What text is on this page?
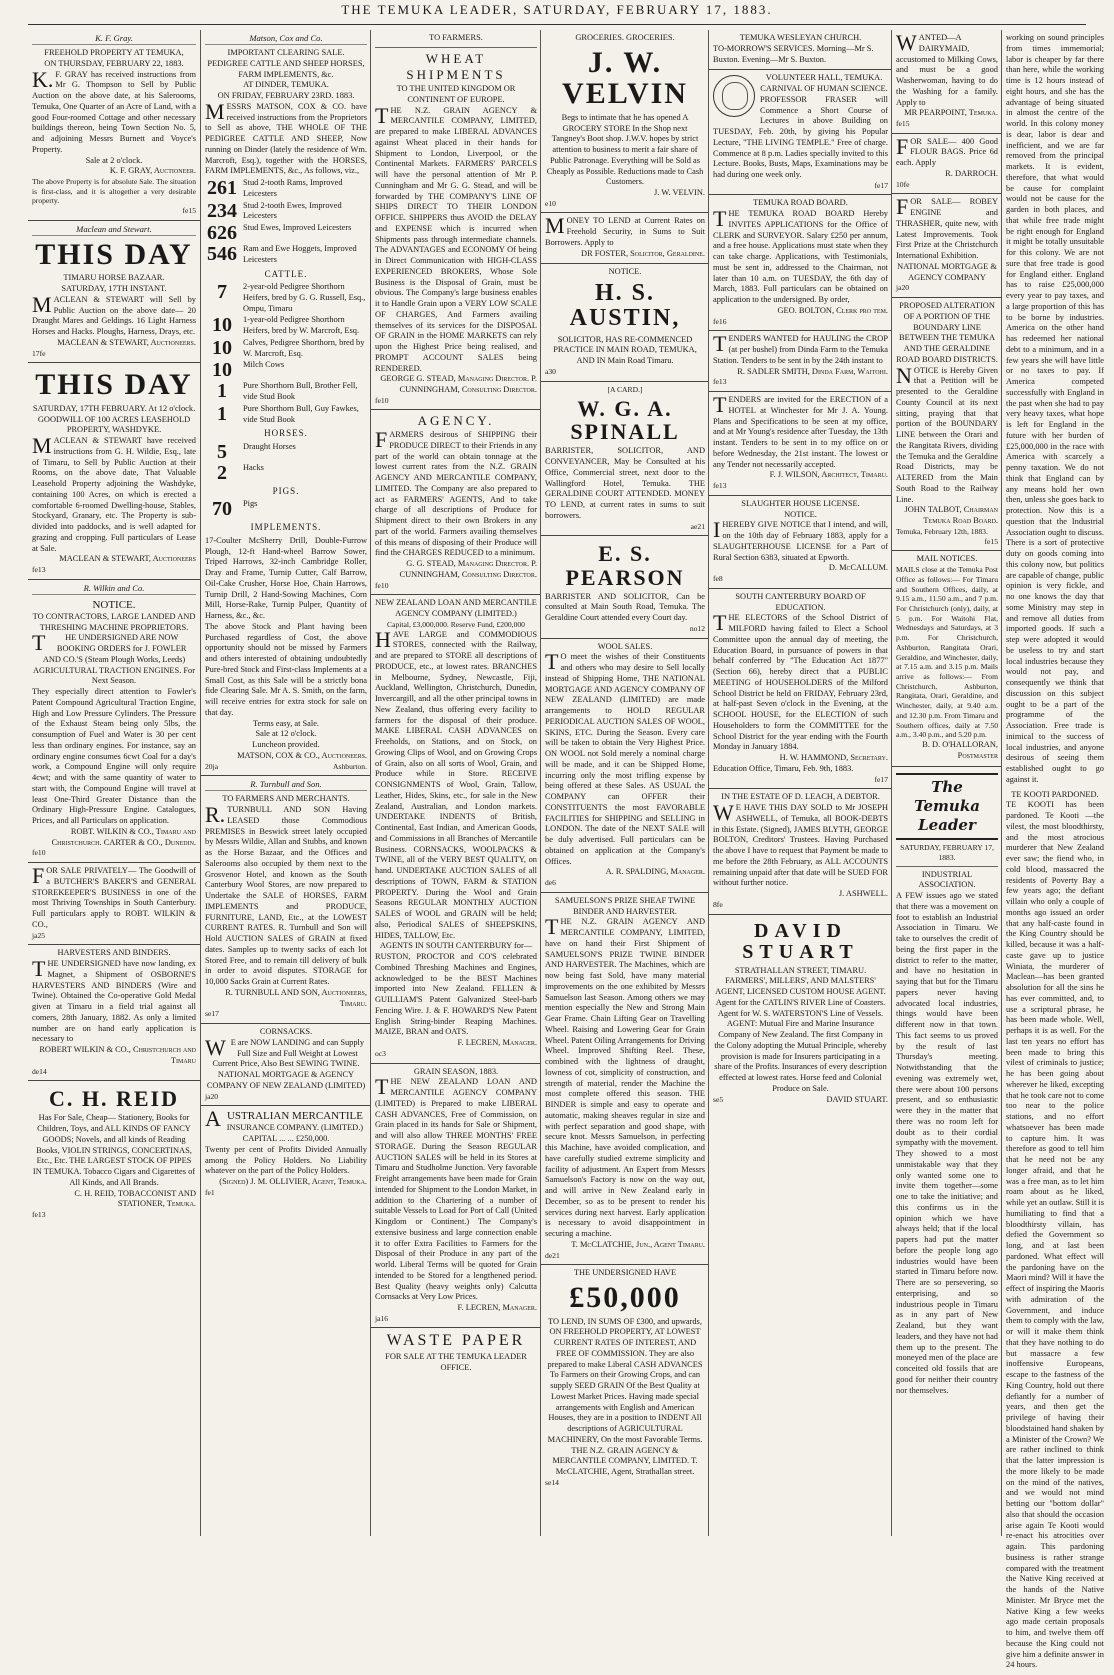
THE TEMUKA LEADER, SATURDAY, FEBRUARY 17, 1883.
K. F. Gray.
FREEHOLD PROPERTY AT TEMUKA,
ON THURSDAY, FEBRUARY 22, 1883.
K.F. GRAY has received instructions from Mr G. Thompson to Sell by Public Auction on the above date, at his Salerooms, Temuka, One Quarter of an Acre of Land, with a good Four-roomed Cottage and other necessary buildings thereon, being Town Section No. 5, and adjoining Messrs Burnett and Voyce's Property.
Sale at 2 o'clock.
K. F. GRAY, Auctioneer.
The above Property is for absolute Sale. The situation is first-class, and it is altogether a very desirable property.
fe15
Maclean and Stewart.
THIS DAY
TIMARU HORSE BAZAAR.
SATURDAY, 17TH INSTANT.
MACLEAN & STEWART will Sell by Public Auction on the above date— 20 Draught Mares and Geldings. 16 Light Harness Horses and Hacks. Ploughs, Harness, Drays, etc.
MACLEAN & STEWART, Auctioneers.
17fe
THIS DAY
SATURDAY, 17TH FEBRUARY. At 12 o'clock.
GOODWILL OF 100 ACRES LEASEHOLD PROPERTY, WASHDYKE.
MACLEAN & STEWART have received instructions from G. H. Wildie, Esq., late of Timaru, to Sell by Public Auction at their Rooms, on the above date, That Valuable Leasehold Property adjoining the Washdyke, containing 100 Acres, on which is erected a comfortable 6-roomed Dwelling-house, Stables, Stockyard, Granary, etc. The Property is sub-divided into paddocks, and is well adapted for grazing and cropping. Full particulars of Lease at Sale.
MACLEAN & STEWART, Auctioneers
fe13
R. Wilkin and Co.
NOTICE.
TO CONTRACTORS, LARGE LANDED AND THRESHING MACHINE PROPRIETORS.
THE UNDERSIGNED ARE NOW BOOKING ORDERS for J. FOWLER AND CO.'S (Steam Plough Works, Leeds) AGRICULTURAL TRACTION ENGINES. For Next Season.
They especially direct attention to Fowler's Patent Compound Agricultural Traction Engine, High and Low Pressure Cylinders. The Pressure of the Exhaust Steam being only 5lbs, the consumption of Fuel and Water is 30 per cent less than ordinary engines. For instance, say an ordinary engine consumes 6cwt Coal for a day's work, a Compound Engine will only require 4cwt; and with the same quantity of water to start with, the Compound Engine will travel at least One-Third Greater Distance than the Ordinary High-Pressure Engine. Catalogues, Prices, and all Particulars on application.
ROBT. WILKIN & CO., Timaru and Christchurch. CARTER & CO., Dunedin.
fe10
FOR SALE PRIVATELY— The Goodwill of a BUTCHER'S BAKER'S and GENERAL STOREKEEPER'S BUSINESS in one of the most Thriving Townships in South Canterbury. Full particulars apply to ROBT. WILKIN & CO.,
ja25
HARVESTERS AND BINDERS.
THE UNDERSIGNED have now landing, ex Magnet, a Shipment of OSBORNE'S HARVESTERS AND BINDERS (Wire and Twine). Obtained the Co-operative Gold Medal given at Timaru in a field trial against all comers, 28th January, 1882. As only a limited number are on hand early application is necessary to
ROBERT WILKIN & CO., Christchurch and Timaru
de14
C. H. REID
Has For Sale, Cheap— Stationery, Books for Children, Toys, and ALL KINDS OF FANCY GOODS; Novels, and all kinds of Reading Books, VIOLIN STRINGS, CONCERTINAS, Etc., Etc. THE LARGEST STOCK OF PIPES IN TEMUKA. Tobacco Cigars and Cigarettes of All Kinds, and All Brands.
C. H. REID, TOBACCONIST AND STATIONER, Temuka.
fe13
Matson, Cox and Co.
IMPORTANT CLEARING SALE.
PEDIGREE CATTLE AND SHEEP HORSES, FARM IMPLEMENTS, &c.
AT DINDER, TEMUKA.
ON FRIDAY, FEBRUARY 23RD. 1883.
MESSRS MATSON, COX & CO. have received instructions from the Proprietors to Sell as above, THE WHOLE OF THE PEDIGREE CATTLE AND SHEEP, Now running on Dinder (lately the residence of Wm. Marcroft, Esq.), together with the HORSES, FARM IMPLEMENTS, &c., As follows, viz.,
261 Stud 2-tooth Rams, Improved Leicesters
234 Stud 2-tooth Ewes, Improved Leicesters
626 Stud Ewes, Improved Leicesters
546 Ram and Ewe Hoggets, Improved Leicesters
CATTLE.
7	2-year-old Pedigree Shorthorn Heifers, bred by G. G. Russell, Esq., Ompu, Timaru
10	1-year-old Pedigree Shorthorn Heifers, bred by W. Marcroft, Esq.
10	Calves, Pedigree Shorthorn, bred by W. Marcroft, Esq.
10	Milch Cows
1	Pure Shorthorn Bull, Brother Fell, vide Stud Book
1	Pure Shorthorn Bull, Guy Fawkes, vide Stud Book
HORSES.
5	Draught Horses
2	Hacks
PIGS.
70	Pigs
IMPLEMENTS.
17-Coulter McSherry Drill, Double-Furrow Plough, 12-ft Hand-wheel Barrow Sower, Triped Harrows, 32-inch Cambridge Roller, Dray and Frame, Turnip Cutter, Calf Barrow, Oil-Cake Crusher, Horse Hoe, Chain Harrows, Turnip Drill, 2 Hand-Sowing Machines, Corn Mill, Horse-Rake, Turnip Pulper, Quantity of Harness, &c., &c.
The above Stock and Plant having been Purchased regardless of Cost, the above opportunity should not be missed by Farmers and others interested of obtaining undoubtedly Pure-bred Stock and First-class Implements at a Small Cost, as this Sale will be a strictly bona fide Clearing Sale. Mr A. S. Smith, on the farm, will receive entries for extra stock for sale on that day.
Terms easy, at Sale.
Sale at 12 o'clock.
Luncheon provided.
MATSON, COX & CO., Auctioneers.
20ja	Ashburton.
R. Turnbull and Son.
TO FARMERS AND MERCHANTS.
R.TURNBULL AND SON Having LEASED those Commodious PREMISES in Beswick street lately occupied by Messrs Wildie, Allan and Stubbs, and known as the Horse Bazaar, and the Offices and Salerooms also occupied by them next to the Grosvenor Hotel, and known as the South Canterbury Wool Stores, are now prepared to Undertake the SALE of HORSES, FARM IMPLEMENTS and PRODUCE, FURNITURE, LAND, Etc., at the LOWEST CURRENT RATES. R. Turnbull and Son will Hold AUCTION SALES of GRAIN at fixed dates. Samples up to twenty sacks of each lot Stored Free, and to remain till delivery of bulk in order to avoid disputes. STORAGE for 10,000 Sacks Grain at Current Rates.
R. TURNBULL AND SON, Auctioneers, Timaru.
se17
CORNSACKS.
WE are NOW LANDING and can Supply Full Size and Full Weight at Lowest Current Price, Also Best SEWING TWINE.
NATIONAL MORTGAGE & AGENCY COMPANY OF NEW ZEALAND (LIMITED)
ja20
AUSTRALIAN MERCANTILE
INSURANCE COMPANY. (LIMITED.)
CAPITAL ... ... £250,000.
Twenty per cent of Profits Divided Annually among the Policy Holders. No Liability whatever on the part of the Policy Holders.
(Signed) J. M. OLLIVIER, Agent, Temuka.
fe1
TO FARMERS.
WHEAT SHIPMENTS
TO THE UNITED KINGDOM OR CONTINENT OF EUROPE.
THE N.Z. GRAIN AGENCY & MERCANTILE COMPANY, LIMITED, are prepared to make LIBERAL ADVANCES against Wheat placed in their hands for Shipment to London, Liverpool, or the Continental Markets. FARMERS' PARCELS will have the personal attention of Mr P. Cunningham and Mr G. G. Stead, and will be forwarded by THE COMPANY'S LINE OF SHIPS DIRECT TO THEIR LONDON OFFICE. SHIPPERS thus AVOID the DELAY and EXPENSE which is incurred when Shipments pass through intermediate channels. The ADVANTAGES and ECONOMY Of being in Direct Communication with HIGH-CLASS EXPERIENCED BROKERS, Whose Sole Business is the Disposal of Grain, must be obvious. The Company's large business enables it to Handle Grain upon a VERY LOW SCALE OF CHARGES, And Farmers availing themselves of its services for the DISPOSAL OF GRAIN in the HOME MARKETS can rely upon the Highest Price being realised, and PROMPT ACCOUNT SALES being RENDERED.
GEORGE G. STEAD, Managing Director. P. CUNNINGHAM, Consulting Director.
fe10
AGENCY.
FARMERS desirous of SHIPPING their PRODUCE DIRECT to their Friends in any part of the world can obtain tonnage at the lowest current rates from the N.Z. GRAIN AGENCY AND MERCANTILE COMPANY, LIMITED. The Company are also prepared to act as FARMERS' AGENTS, And to take charge of all descriptions of Produce for Shipment direct to their own Brokers in any part of the world. Farmers availing themselves of this means of disposing of their Produce will find the CHARGES REDUCED to a minimum.
G. G. STEAD, Managing Director. P. CUNNINGHAM, Consulting Director.
fe10
NEW ZEALAND LOAN AND MERCANTILE AGENCY COMPANY (LIMITED.)
Capital, £3,000,000. Reserve Fund, £200,000
HAVE LARGE and COMMODIOUS STORES, connected with the Railway, and are prepared to STORE all descriptions of PRODUCE, etc., at lowest rates. BRANCHES in Melbourne, Sydney, Newcastle, Fiji, Auckland, Wellington, Christchurch, Dunedin, Invercargill, and all the other principal towns in New Zealand, thus offering every facility to farmers for the disposal of their produce. MAKE LIBERAL CASH ADVANCES on Freeholds, on Stations, and on Stock, on Growing Clips of Wool, and on Growing Crops of Grain, also on all sorts of Wool, Grain, and Produce while in Store. RECEIVE CONSIGNMENTS of Wool, Grain, Tallow, Leather, Hides, Skins, etc., for sale in the New Zealand, Australian, and London markets. UNDERTAKE INDENTS of British, Continental, East Indian, and American Goods, and Commissions in all Branches of Mercantile Business. CORNSACKS, WOOLPACKS & TWINE, all of the VERY BEST QUALITY, on hand. UNDERTAKE AUCTION SALES of all descriptions of TOWN, FARM & STATION PROPERTY. During the Wool and Grain Seasons REGULAR MONTHLY AUCTION SALES of WOOL and GRAIN will be held; also, Periodical SALES of SHEEPSKINS, HIDES, TALLOW, Etc.
AGENTS IN SOUTH CANTERBURY for—
RUSTON, PROCTOR and CO'S celebrated Combined Threshing Machines and Engines, acknowledged to be the BEST Machines imported into New Zealand. FELLEN & GUILLIAM'S Patent Galvanized Steel-barb Fencing Wire. J. & F. HOWARD'S New Patent English String-binder Reaping Machines. MAIZE, BRAN and OATS.
F. LECREN, Manager.
oc3
GRAIN SEASON, 1883.
THE NEW ZEALAND LOAN AND MERCANTILE AGENCY COMPANY (LIMITED) is Prepared to make LIBERAL CASH ADVANCES, Free of Commission, on Grain placed in its hands for Sale or Shipment, and will also allow THREE MONTHS' FREE STORAGE. During the Season REGULAR AUCTION SALES will be held in its Stores at Timaru and Studholme Junction. Very favorable Freight arrangements have been made for Grain intended for Shipment to the London Market, in addition to the Chartering of a number of suitable Vessels to Load for Port of Call (United Kingdom or Continent.) The Company's extensive business and large connection enable it to offer Extra Facilities to Farmers for the Disposal of their Produce in any part of the world. Liberal Terms will be quoted for Grain intended to be Stored for a lengthened period. Best Quality (heavy weights only) Calcutta Cornsacks at Very Low Prices.
F. LECREN, Manager.
ja16
WASTE PAPER
FOR SALE AT THE TEMUKA LEADER OFFICE.
GROCERIES. GROCERIES.
J. W. VELVIN
Begs to intimate that he has opened A GROCERY STORE In the Shop next Tangney's Boot shop. J.W.V. hopes by strict attention to business to merit a fair share of Public Patronage. Everything will be Sold as Cheaply as Possible. Reductions made to Cash Customers.
J. W. VELVIN.
e10
MONEY TO LEND at Current Rates on Freehold Security, in Sums to Suit Borrowers. Apply to
DR FOSTER, Solicitor, Geraldine.
NOTICE.
H. S. AUSTIN,
SOLICITOR, HAS RE-COMMENCED PRACTICE IN MAIN ROAD, TEMUKA, AND IN Main Road Timaru.
a30
[A CARD.]
W. G. A. SPINALL
BARRISTER, SOLICITOR, AND CONVEYANCER, May be Consulted at his Office, Commercial street, next door to the Wallingford Hotel, Temuka. THE GERALDINE COURT ATTENDED. MONEY TO LEND, at current rates in sums to suit borrowers.
ae21
E. S. PEARSON
BARRISTER AND SOLICITOR, Can be consulted at Main South Road, Temuka. The Geraldine Court attended every Court day.
no12
WOOL SALES.
TO meet the wishes of their Constituents and others who may desire to Sell locally instead of Shipping Home, THE NATIONAL MORTGAGE AND AGENCY COMPANY OF NEW ZEALAND (LIMITED) are made arrangements to HOLD REGULAR PERIODICAL AUCTION SALES OF WOOL, SKINS, ETC. During the Season. Every care will be taken to obtain the Very Highest Price. ON WOOL not Sold merely a nominal charge will be made, and it can be Shipped Home, incurring only the most trifling expense by being offered at these Sales. AS USUAL the COMPANY can OFFER their CONSTITUENTS the most FAVORABLE FACILITIES for SHIPPING and SELLING in LONDON. The date of the NEXT SALE will be duly advertised. Full particulars can be obtained on application at the Company's Offices.
A. R. SPALDING, Manager.
de6
SAMUELSON'S PRIZE SHEAF TWINE BINDER AND HARVESTER.
THE N.Z. GRAIN AGENCY AND MERCANTILE COMPANY, LIMITED, have on hand their First Shipment of SAMUELSON'S PRIZE TWINE BINDER AND HARVESTER. The Machines, which are now being fast Sold, have many material improvements on the one exhibited by Messrs Samuelson last Season. Among others we may mention especially the New and Strong Main Gear Frame. Chain Lifting Gear on Travelling Wheel. Raising and Lowering Gear for Grain Wheel. Patent Oiling Arrangements for Driving Wheel. Improved Shifting Reel. These, combined with the lightness of draught, lowness of cot, simplicity of construction, and strength of material, render the Machine the most complete offered this season. THE BINDER is simple and easy to operate and automatic, making sheaves regular in size and with perfect separation and good shape, with secure knot. Messrs Samuelson, in perfecting this Machine, have avoided complication, and have carefully studied extreme simplicity and facility of adjustment. An Expert from Messrs Samuelson's Factory is now on the way out, and will arrive in New Zealand early in December, so as to be present to render his services during next harvest. Early application is necessary to avoid disappointment in securing a machine.
T. McCLATCHIE, Jun., Agent Timaru.
de21
THE UNDERSIGNED HAVE
£50,000
TO LEND, IN SUMS OF £300, and upwards, ON FREEHOLD PROPERTY, AT LOWEST CURRENT RATES OF INTEREST, AND FREE OF COMMISSION. They are also prepared to make Liberal CASH ADVANCES To Farmers on their Growing Crops, and can supply SEED GRAIN Of the Best Quality at Lowest Market Prices. Having made special arrangements with English and American Houses, they are in a position to INDENT All descriptions of AGRICULTURAL MACHINERY, On the most Favorable Terms.
THE N.Z. GRAIN AGENCY & MERCANTILE COMPANY, LIMITED. T. McCLATCHIE, Agent, Strathallan street.
se14
TEMUKA WESLEYAN CHURCH.
TO-MORROW'S SERVICES. Morning—Mr S. Buxton. Evening—Mr S. Buxton.
VOLUNTEER HALL, TEMUKA.
CARNIVAL OF HUMAN SCIENCE.
PROFESSOR FRASER will Commence a Short Course of Lectures in above Building on TUESDAY, Feb. 20th, by giving his Popular Lecture, "THE LIVING TEMPLE." Free of charge. Commence at 8 p.m. Ladies specially invited to this Lecture. Books, Busts, Maps, Examinations may be had during one week only.
fe17
TEMUKA ROAD BOARD.
THE TEMUKA ROAD BOARD Hereby INVITES APPLICATIONS for the Office of CLERK and SURVEYOR. Salary £250 per annum, and a free house. Applications must state when they can take charge. Applications, with Testimonials, must be sent in, addressed to the Chairman, not later than 10 a.m. on TUESDAY, the 6th day of March, 1883. Full particulars can be obtained on application to the undersigned. By order,
GEO. BOLTON, Clerk pro tem.
fe16
TENDERS WANTED for HAULING the CROP (at per bushel) from Dinda Farm to the Temuka Station. Tenders to be sent in by the 24th instant to
R. SADLER SMITH, Dinda Farm, Waitohi.
fe13
TENDERS are invited for the ERECTION of a HOTEL at Winchester for Mr J. A. Young. Plans and Specifications to be seen at my office, and at Mr Young's residence after Tuesday, the 13th instant. Tenders to be sent in to my office on or before Wednesday, the 21st instant. The lowest or any Tender not necessarily accepted.
F. J. WILSON, Architect, Timaru.
fe13
SLAUGHTER HOUSE LICENSE.
NOTICE.
IHEREBY GIVE NOTICE that I intend, and will, on the 10th day of February 1883, apply for a SLAUGHTERHOUSE LICENSE for a Part of Rural Section 6383, situated at Epworth.
D. McCALLUM.
fe8
SOUTH CANTERBURY BOARD OF EDUCATION.
THE ELECTORS of the School District of MILFORD having failed to Elect a School Committee upon the annual day of meeting, the Education Board, in pursuance of powers in that behalf conferred by "The Education Act 1877" (Section 66), hereby direct that a PUBLIC MEETING of HOUSEHOLDERS of the Milford School District be held on FRIDAY, February 23rd, at half-past Seven o'clock in the Evening, at the SCHOOL HOUSE, for the ELECTION of such Householders to form the COMMITTEE for the School District for the year ending with the Fourth Monday in January 1884.
H. W. HAMMOND, Secretary.
Education Office, Timaru, Feb. 9th, 1883.
fe17
IN THE ESTATE OF D. LEACH, A DEBTOR.
WE HAVE THIS DAY SOLD to Mr JOSEPH ASHWELL, of Temuka, all BOOK-DEBTS in this Estate. (Signed), JAMES BLYTH, GEORGE BOLTON, Creditors' Trustees. Having Purchased the above I have to request that Payment be made to me before the 28th February, as ALL ACCOUNTS remaining unpaid after that date will be SUED FOR without further notice.
J. ASHWELL.
8fe
DAVID STUART
STRATHALLAN STREET, TIMARU.
FARMERS', MILLERS', AND MALSTERS' AGENT, LICENSED CUSTOM HOUSE AGENT. Agent for the CATLIN'S RIVER Line of Coasters. Agent for W. S. WATERSTON'S Line of Vessels. AGENT: Mutual Fire and Marine Insurance Company of New Zealand. The first Company in the Colony adopting the Mutual Principle, whereby provision is made for Insurers participating in a share of the Profits. Insurances of every description effected at lowest rates. Horse feed and Colonial Produce on Sale.
se5	DAVID STUART.
WANTED—A DAIRYMAID, accustomed to Milking Cows, and must be a good Washerwoman, having to do the Washing for a family. Apply to
MR PEARPOINT, Temuka.
fe15
FOR SALE— 400 Good FLOUR BAGS. Price 6d each. Apply
R. DARROCH.
10fe
FOR SALE— ROBEY ENGINE and THRASHER, quite new, with Latest Improvements. Took First Prize at the Christchurch International Exhibition.
NATIONAL MORTGAGE & AGENCY COMPANY
ja20
PROPOSED ALTERATION OF A PORTION OF THE BOUNDARY LINE BETWEEN THE TEMUKA AND THE GERALDINE ROAD BOARD DISTRICTS.
NOTICE is Hereby Given that a Petition will be presented to the Geraldine County Council at its next sitting, praying that that portion of the BOUNDARY LINE between the Orari and the Rangitata Rivers, dividing the Temuka and the Geraldine Road Districts, may be ALTERED from the Main South Road to the Railway Line.
JOHN TALBOT, Chairman Temuka Road Board.
Temuka, February 12th, 1883.
fe15
MAIL NOTICES.
MAILS close at the Temuka Post Office as follows:— For Timaru and Southern Offices, daily, at 9.15 a.m., 11.50 a.m., and 7 p.m. For Christchurch (only), daily, at 5 p.m. For Waitohi Flat, Wednesdays and Saturdays, at 3 p.m. For Christchurch, Ashburton, Rangitata Orari, Geraldine, and Winchester, daily, at 7.15 a.m. and 3.15 p.m. Mails arrive as follows:— From Christchurch, Ashburton, Rangitata, Orari, Geraldine, and Winchester, daily, at 9.40 a.m. and 12.30 p.m. From Timaru and Southern offices, daily at 7.50 a.m., 3.40 p.m., and 5.20 p.m.
B. D. O'HALLORAN, Postmaster
The Temuka Leader
SATURDAY, FEBRUARY 17, 1883.
INDUSTRIAL ASSOCIATION.
A FEW issues ago we stated that there was a movement on foot to establish an Industrial Association in Timaru. We take to ourselves the credit of being the first paper in the district to refer to the matter, and have no hesitation in saying that but for the Timaru papers never having advocated local industries, things would have been different now in that town. This fact seems to us proved by the result of last Thursday's meeting. Notwithstanding that the evening was extremely wet, there were about 100 persons present, and so enthusiastic were they in the matter that there was no room left for doubt as to their cordial sympathy with the movement. They showed to a most unmistakable way that they only wanted some one to invite them together—some one to take the initiative; and this confirms us in the opinion which we have always held; that if the local papers had put the matter before the people long ago industries would have been started in Timaru before now. There are so persevering, so enterprising, and so industrious people in Timaru as in any part of New Zealand, but they want leaders, and they have not had them up to the present. The moneyed men of the place are conceited old fossils that are good for neither their country nor themselves.
working on sound principles from times immemorial; labor is cheaper by far there than here, while the working time is 12 hours instead of eight hours, and she has the advantage of being situated in almost the centre of the world. In this colony money is dear, labor is dear and inefficient, and we are far removed from the principal markets. It is evident, therefore, that what would be cause for complaint would not be cause for the garden in both places, and that while free trade might be right enough for England it might be totally unsuitable for this colony. We are not sure that free trade is good for England either. England has to raise £25,000,000 every year to pay taxes, and a large proportion of this has to be borne by industries. America on the other hand has redeemed her national debt to a minimum, and in a few years she will have little or no taxes to pay. If America competed successfully with England in the past when she had to pay very heavy taxes, what hope is left for England in the future with her burden of £25,000,000 in the race with America with scarcely a penny taxation. We do not think that England can by any means hold her own then, unless she goes back to protection. Now this is a question that the Industrial Association ought to discuss. There is a sort of protective duty on goods coming into this colony now, but politics are capable of change, public opinion is very fickle, and no one knows the day that some Ministry may step in and remove all duties from imported goods. If such a step were adopted it would be useless to try and start local industries because they would not pay, and consequently we think that discussion on this subject ought to be a part of the programme of the Association. Free trade is inimical to the success of local industries, and anyone desirous of seeing them established ought to go against it.
TE KOOTI PARDONED.
TE KOOTI has been pardoned. Te Kooti —the vilest, the most bloodthirsty, and the most atrocious murderer that New Zealand ever saw; the fiend who, in cold blood, massacred the residents of Poverty Bay a few years ago; the defiant villain who only a couple of months ago issued an order that any half-caste found in the King Country should be killed, because it was a half-caste gave up to justice Winiata, the murderer of Maclean—has been granted absolution for all the sins he has ever committed, and, to use a scriptural phrase, he has been made whole. Well, perhaps it is as well. For the last ten years no effort has been made to bring this vilest of criminals to justice; he has been going about wherever he liked, excepting that he took care not to come too near to the police stations, and no effort whatsoever has been made to capture him. It was therefore as good to tell him that he need not be any longer afraid, and that he was a free man, as to let him roam about as he liked, while yet an outlaw. Still it is humiliating to find that a bloodthirsty villain, has defied the Government so long, and at last been pardoned. What effect will the pardoning have on the Maori mind? Will it have the effect of inspiring the Maoris with admiration of the Government, and induce them to comply with the law, or will it make them think that they have nothing to do but massacre a few inoffensive Europeans, escape to the fastness of the King Country, hold out there defiantly for a number of years, and then get the privilege of having their bloodstained hand shaken by a Minister of the Crown? We are rather inclined to think that the latter impression is the more likely to be made on the mind of the natives, and we would not mind betting our "bottom dollar" also that should the occasion arise again Te Kooti would re-enact his atrocities over again. This pardoning business is rather strange compared with the treatment the Native King received at the hands of the Native Minister. Mr Bryce met the Native King a few weeks ago made certain proposals to him, and twelve them off because the King could not give him a definite answer in 24 hours.
